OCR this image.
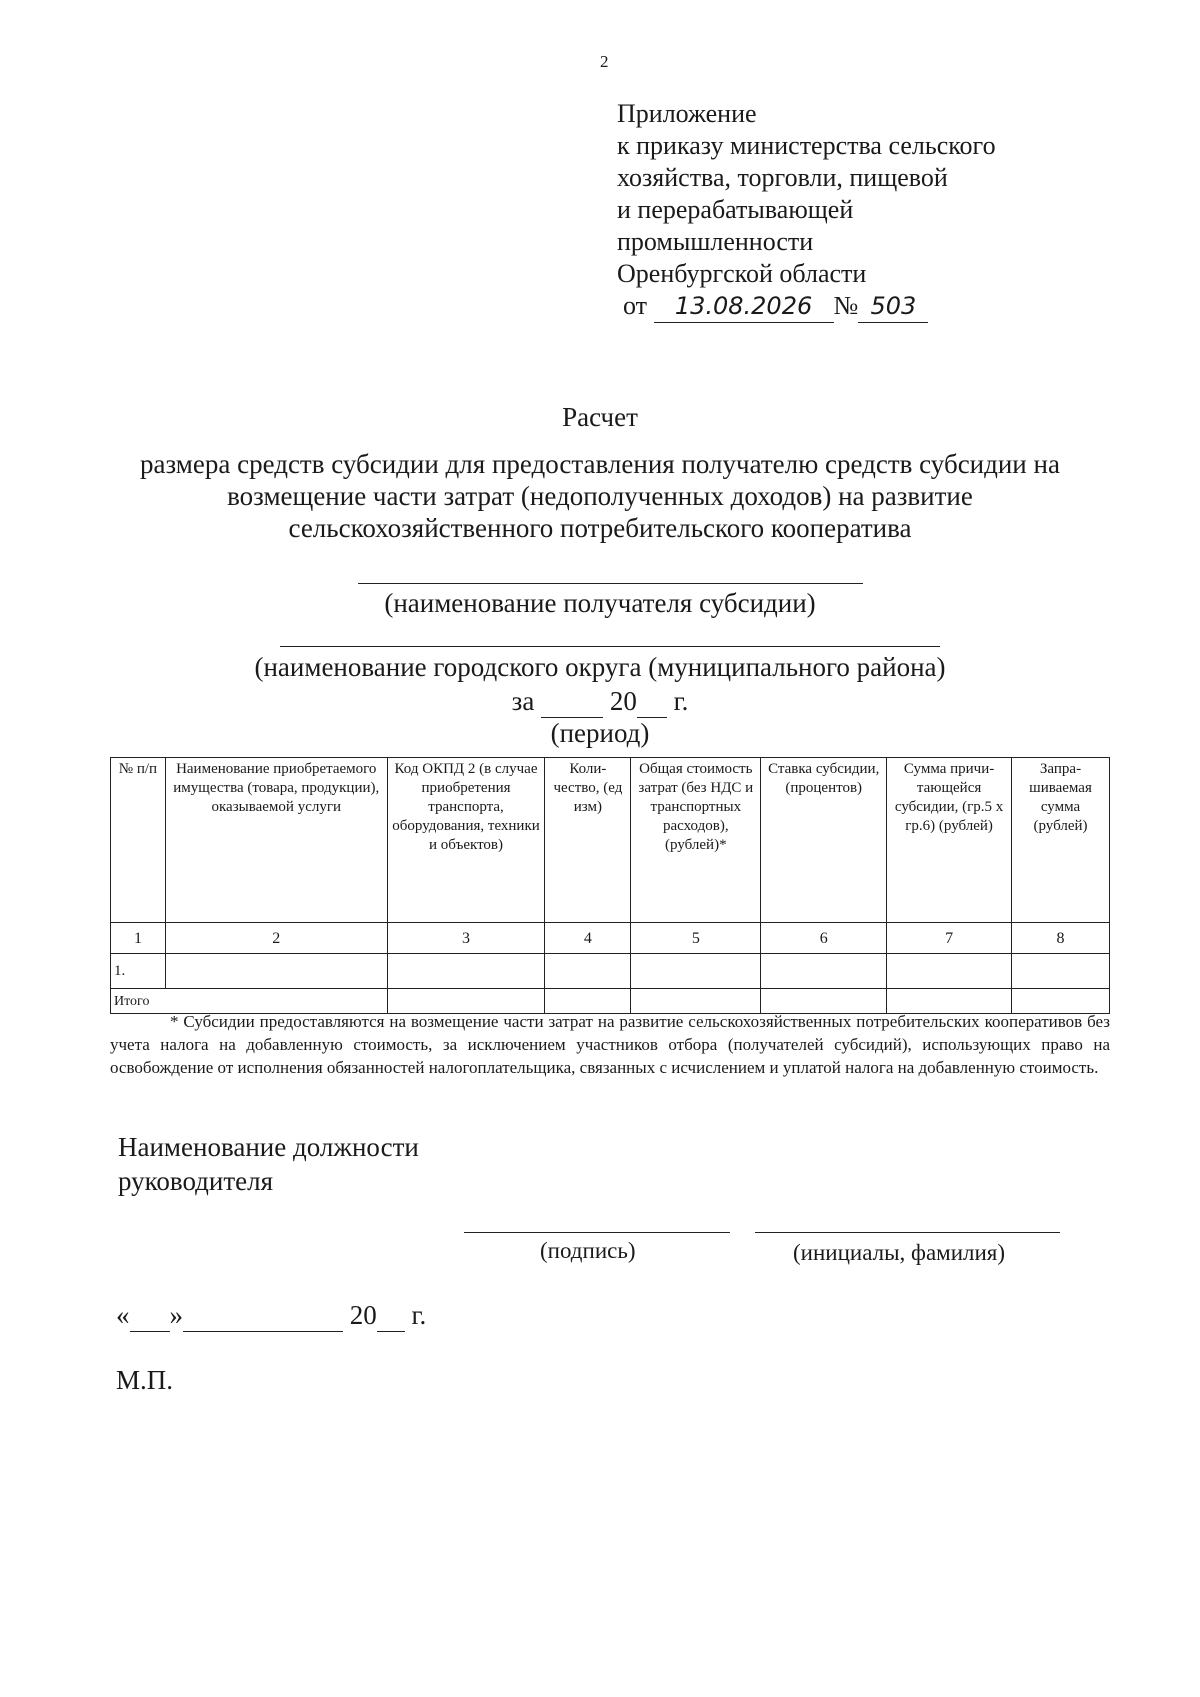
2
Приложение
к приказу министерства сельского
хозяйства, торговли, пищевой
и перерабатывающей
промышленности
Оренбургской области
от 13.08.2026 № 503
Расчет
размера средств субсидии для предоставления получателю средств субсидии на возмещение части затрат (недополученных доходов) на развитие сельскохозяйственного потребительского кооператива
(наименование получателя субсидии)
(наименование городского округа (муниципального района)
за	20 г.
(период)
№ п/п	Наименование приобретаемого имущества (товара, продукции), оказываемой услуги	Код ОКПД 2 (в случае приобретения транспорта, оборудования, техники и объектов)	Коли-чество, (ед изм)	Общая стоимость затрат (без НДС и транспортных расходов), (рублей)*	Ставка субсидии, (процентов)	Сумма причи-тающейся субсидии, (гр.5 x гр.6) (рублей)	Запра-шиваемая сумма (рублей)
1	2	3	4	5	6	7	8
1.							
Итого							
* Субсидии предоставляются на возмещение части затрат на развитие сельскохозяйственных потребительских кооперативов без учета налога на добавленную стоимость, за исключением участников отбора (получателей субсидий), использующих право на освобождение от исполнения обязанностей налогоплательщика, связанных с исчислением и уплатой налога на добавленную стоимость.
Наименование должности
руководителя
(подпись)	(инициалы, фамилия)
« »	20 г.
М.П.
